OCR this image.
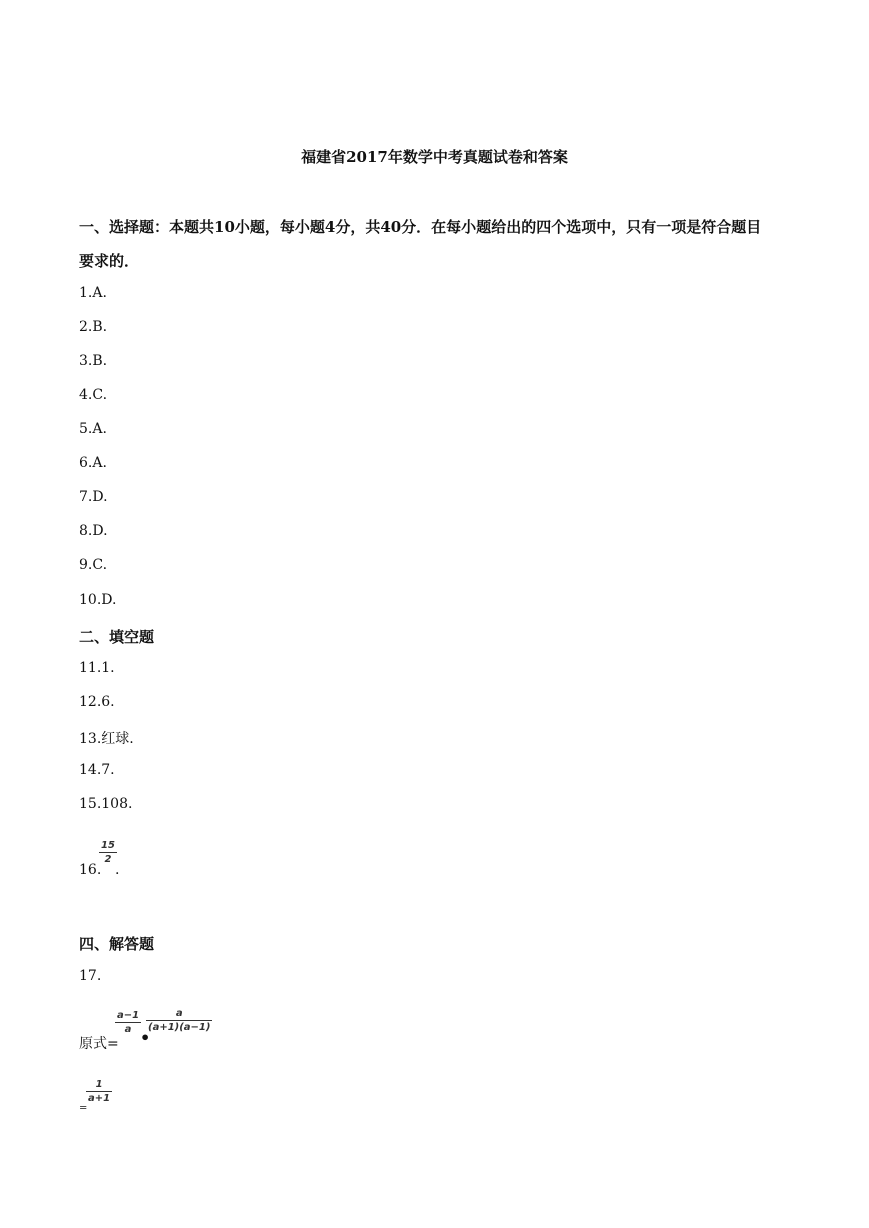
福建省2017年数学中考真题试卷和答案
一、选择题：本题共10小题，每小题4分，共40分．在每小题给出的四个选项中，只有一项是符合题目
要求的．
1.A.
2.B.
3.B.
4.C.
5.A.
6.A.
7.D.
8.D.
9.C.
10.D.
二、填空题
11.1.
12.6.
13.红球.
14.7.
15.108.
16.
15
2
.
四、解答题
17.
原式=
a−1
a •
a
(a+1)(a−1)
=
1
a+1
